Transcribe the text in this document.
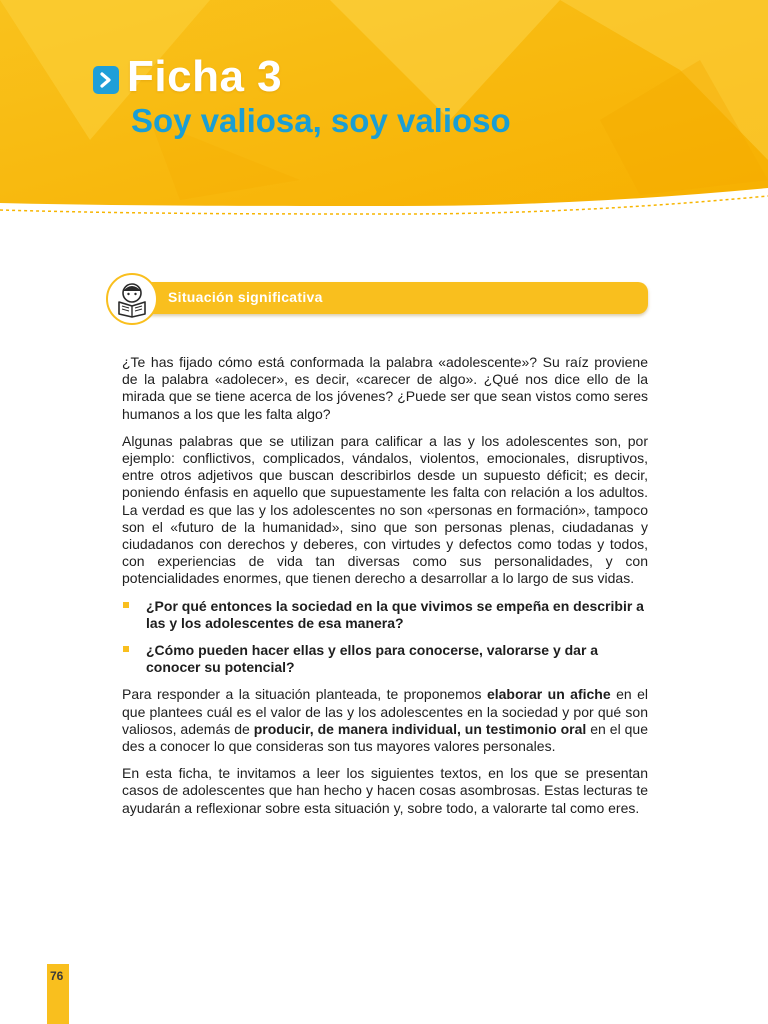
Ficha 3
Soy valiosa, soy valioso
Situación significativa

¿Te has fijado cómo está conformada la palabra «adolescente»? Su raíz proviene de la palabra «adolecer», es decir, «carecer de algo». ¿Qué nos dice ello de la mirada que se tiene acerca de los jóvenes? ¿Puede ser que sean vistos como seres humanos a los que les falta algo?

Algunas palabras que se utilizan para calificar a las y los adolescentes son, por ejemplo: conflictivos, complicados, vándalos, violentos, emocionales, disruptivos, entre otros adjetivos que buscan describirlos desde un supuesto déficit; es decir, poniendo énfasis en aquello que supuestamente les falta con relación a los adultos. La verdad es que las y los adolescentes no son «personas en formación», tampoco son el «futuro de la humanidad», sino que son personas plenas, ciudadanas y ciudadanos con derechos y deberes, con virtudes y defectos como todas y todos, con experiencias de vida tan diversas como sus personalidades, y con potencialidades enormes, que tienen derecho a desarrollar a lo largo de sus vidas.

¿Por qué entonces la sociedad en la que vivimos se empeña en describir a las y los adolescentes de esa manera?
¿Cómo pueden hacer ellas y ellos para conocerse, valorarse y dar a conocer su potencial?

Para responder a la situación planteada, te proponemos elaborar un afiche en el que plantees cuál es el valor de las y los adolescentes en la sociedad y por qué son valiosos, además de producir, de manera individual, un testimonio oral en el que des a conocer lo que consideras son tus mayores valores personales.

En esta ficha, te invitamos a leer los siguientes textos, en los que se presentan casos de adolescentes que han hecho y hacen cosas asombrosas. Estas lecturas te ayudarán a reflexionar sobre esta situación y, sobre todo, a valorarte tal como eres.

76
